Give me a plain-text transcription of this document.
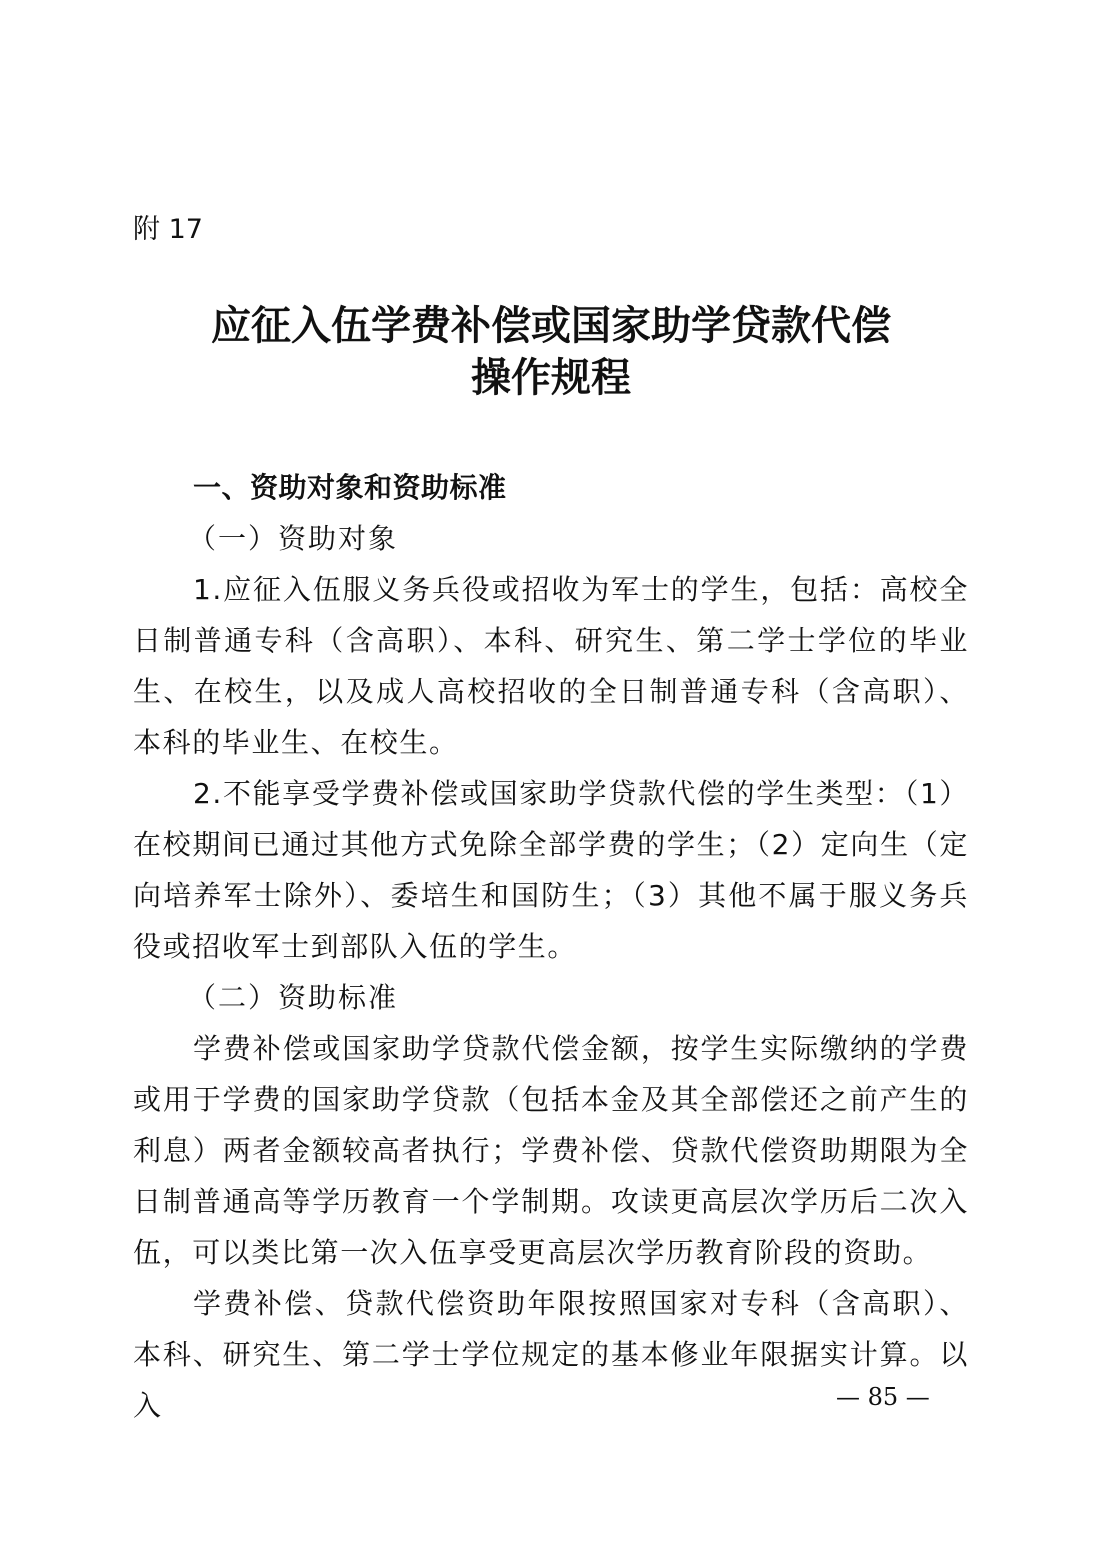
附 17
应征入伍学费补偿或国家助学贷款代偿
操作规程
一、资助对象和资助标准
（一）资助对象

1.应征入伍服义务兵役或招收为军士的学生，包括：高校全日制普通专科（含高职）、本科、研究生、第二学士学位的毕业生、在校生，以及成人高校招收的全日制普通专科（含高职）、本科的毕业生、在校生。

2.不能享受学费补偿或国家助学贷款代偿的学生类型：（1）在校期间已通过其他方式免除全部学费的学生；（2）定向生（定向培养军士除外）、委培生和国防生；（3）其他不属于服义务兵役或招收军士到部队入伍的学生。

（二）资助标准

学费补偿或国家助学贷款代偿金额，按学生实际缴纳的学费或用于学费的国家助学贷款（包括本金及其全部偿还之前产生的利息）两者金额较高者执行；学费补偿、贷款代偿资助期限为全日制普通高等学历教育一个学制期。攻读更高层次学历后二次入伍，可以类比第一次入伍享受更高层次学历教育阶段的资助。

学费补偿、贷款代偿资助年限按照国家对专科（含高职）、本科、研究生、第二学士学位规定的基本修业年限据实计算。以入	— 85 —
